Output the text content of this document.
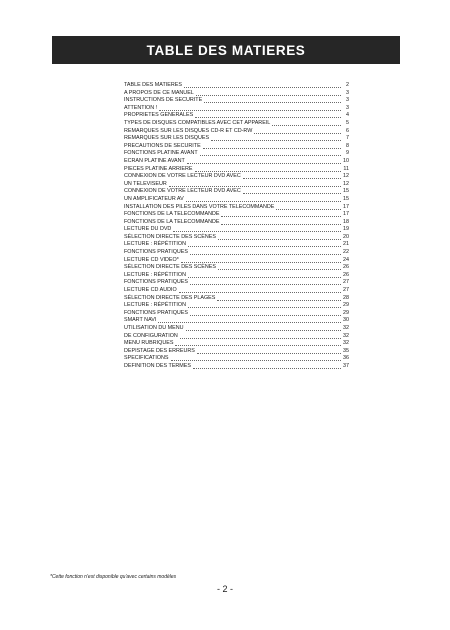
TABLE DES MATIERES
TABLE DES MATIERES	2
A PROPOS DE CE MANUEL	3
INSTRUCTIONS DE SECURITE	3
ATTENTION !	3
PROPRIETES GENERALES	4
TYPES DE DISQUES COMPATIBLES AVEC CET APPAREIL	5
REMARQUES SUR LES DISQUES CD-R ET CD-RW	6
REMARQUES SUR LES DISQUES	7
PRECAUTIONS DE SECURITE	8
FONCTIONS PLATINE AVANT	9
ECRAN PLATINE AVANT	10
PIECES PLATINE ARRIERE	11
CONNEXION DE VOTRE LECTEUR DVD AVEC	12
UN TELEVISEUR	12
CONNEXION DE VOTRE LECTEUR DVD AVEC	15
UN AMPLIFICATEUR AV	15
INSTALLATION DES PILES DANS VOTRE TELECOMMANDE	17
FONCTIONS DE LA TELECOMMANDE	17
FONCTIONS DE LA TELECOMMANDE	18
LECTURE DU DVD	19
SÉLECTION DIRECTE DES SCÈNES	20
LECTURE : RÉPÉTITION	21
FONCTIONS PRATIQUES	22
LECTURE CD VIDEO*	24
SÉLECTION DIRECTE DES SCÈNES	26
LECTURE : RÉPÉTITION	26
FONCTIONS PRATIQUES	27
LECTURE CD AUDIO	27
SÉLECTION DIRECTE DES PLAGES	28
LECTURE : RÉPÉTITION	29
FONCTIONS PRATIQUES	29
SMART NAVI	30
UTILISATION DU MENU	32
DE CONFIGURATION	32
MENU RUBRIQUES	32
DEPISTAGE DES ERREURS	35
SPECIFICATIONS	36
DEFINITION DES TERMES	37
*Cette fonction n'est disponible qu'avec certains modèles
- 2 -
